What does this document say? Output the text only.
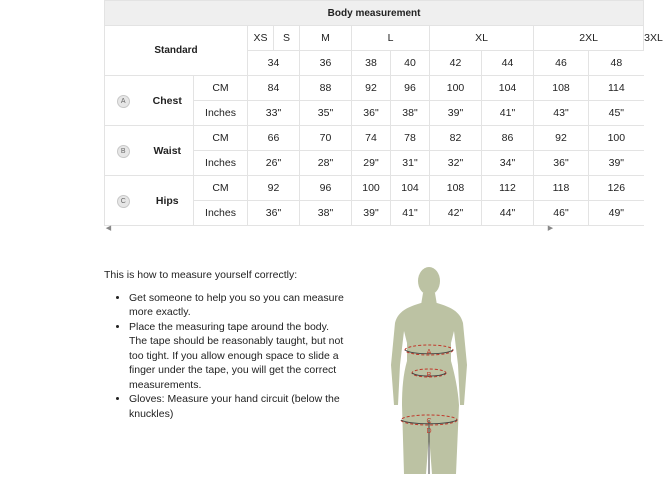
Body measurement												
Standard			XS	S	M	L		XL		2XL		3XL
			34		36	38	40	42	44	46	48	
A	Chest	CM	84		88	92	96	100	104	108	114	
		Inches	33"		35"	36"	38"	39"	41"	43"	45"	
B	Waist	CM	66		70	74	78	82	86	92	100	
		Inches	26"		28"	29"	31"	32"	34"	36"	39"	
C	Hips	CM	92		96	100	104	108	112	118	126	
		Inches	36"		38"	39"	41"	42"	44"	46"	49"	
◀	▶

This is how to measure yourself correctly:

• Get someone to help you so you can measure more exactly.
• Place the measuring tape around the body. The tape should be reasonably taught, but not too tight. If you allow enough space to slide a finger under the tape, you will get the correct measurements.
• Gloves: Measure your hand circuit (below the knuckles)
A
B
C
D
